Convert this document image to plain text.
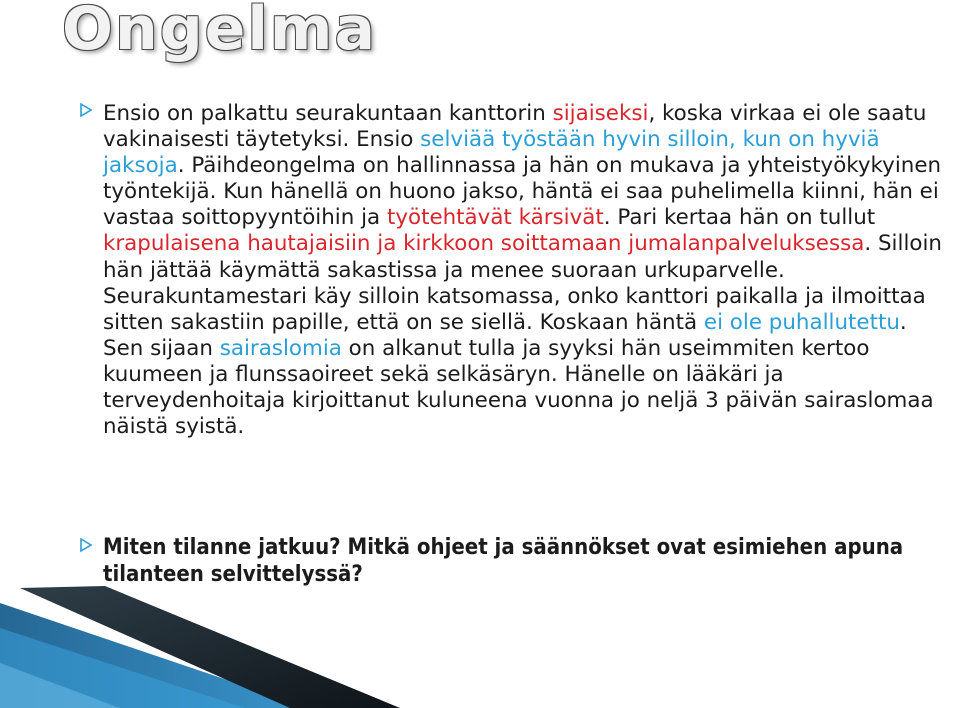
Ongelma

Ensio on palkattu seurakuntaan kanttorin sijaiseksi, koska virkaa ei ole saatu vakinaisesti täytetyksi. Ensio selviää työstään hyvin silloin, kun on hyviä jaksoja. Päihdeongelma on hallinnassa ja hän on mukava ja yhteistyökykyinen työntekijä. Kun hänellä on huono jakso, häntä ei saa puhelimella kiinni, hän ei vastaa soittopyyntöihin ja työtehtävät kärsivät. Pari kertaa hän on tullut krapulaisena hautajaisiin ja kirkkoon soittamaan jumalanpalveluksessa. Silloin hän jättää käymättä sakastissa ja menee suoraan urkuparvelle. Seurakuntamestari käy silloin katsomassa, onko kanttori paikalla ja ilmoittaa sitten sakastiin papille, että on se siellä. Koskaan häntä ei ole puhallutettu. Sen sijaan sairaslomia on alkanut tulla ja syyksi hän useimmiten kertoo kuumeen ja flunssaoireet sekä selkäsäryn. Hänelle on lääkäri ja terveydenhoitaja kirjoittanut kuluneena vuonna jo neljä 3 päivän sairaslomaa näistä syistä.

Miten tilanne jatkuu? Mitkä ohjeet ja säännökset ovat esimiehen apuna tilanteen selvittelyssä?
